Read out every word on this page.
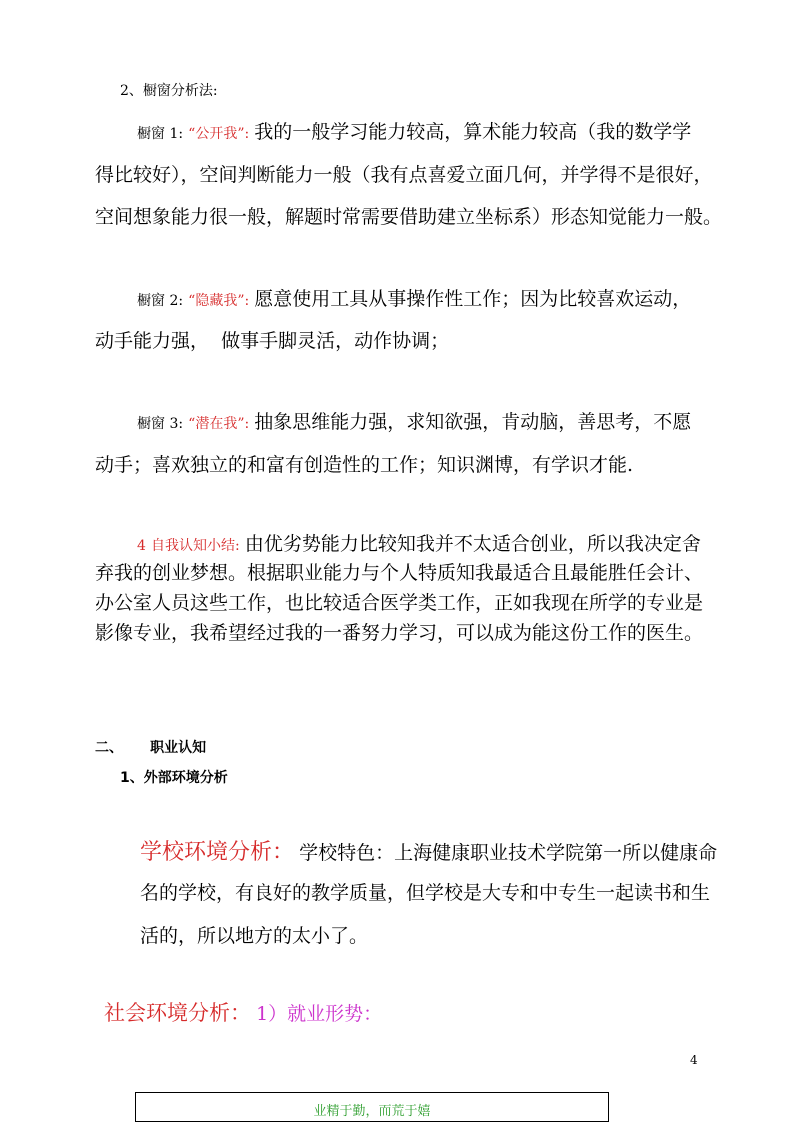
2、橱窗分析法:
橱窗 1: “公开我”: 我的一般学习能力较高，算术能力较高（我的数学学
得比较好），空间判断能力一般（我有点喜爱立面几何，并学得不是很好，
空间想象能力很一般，解题时常需要借助建立坐标系）形态知觉能力一般。
橱窗 2: “隐藏我”: 愿意使用工具从事操作性工作；因为比较喜欢运动，
动手能力强，  做事手脚灵活，动作协调；
橱窗 3: “潜在我”: 抽象思维能力强，求知欲强，肯动脑，善思考，不愿
动手；喜欢独立的和富有创造性的工作；知识渊博，有学识才能.
4 自我认知小结: 由优劣势能力比较知我并不太适合创业，所以我决定舍
弃我的创业梦想。根据职业能力与个人特质知我最适合且最能胜任会计、
办公室人员这些工作，也比较适合医学类工作，正如我现在所学的专业是
影像专业，我希望经过我的一番努力学习，可以成为能这份工作的医生。
二、 职业认知
1、外部环境分析
学校环境分析： 学校特色：上海健康职业技术学院第一所以健康命
名的学校，有良好的教学质量，但学校是大专和中专生一起读书和生
活的，所以地方的太小了。
社会环境分析： 1）就业形势：
4
业精于勤，而荒于嬉
